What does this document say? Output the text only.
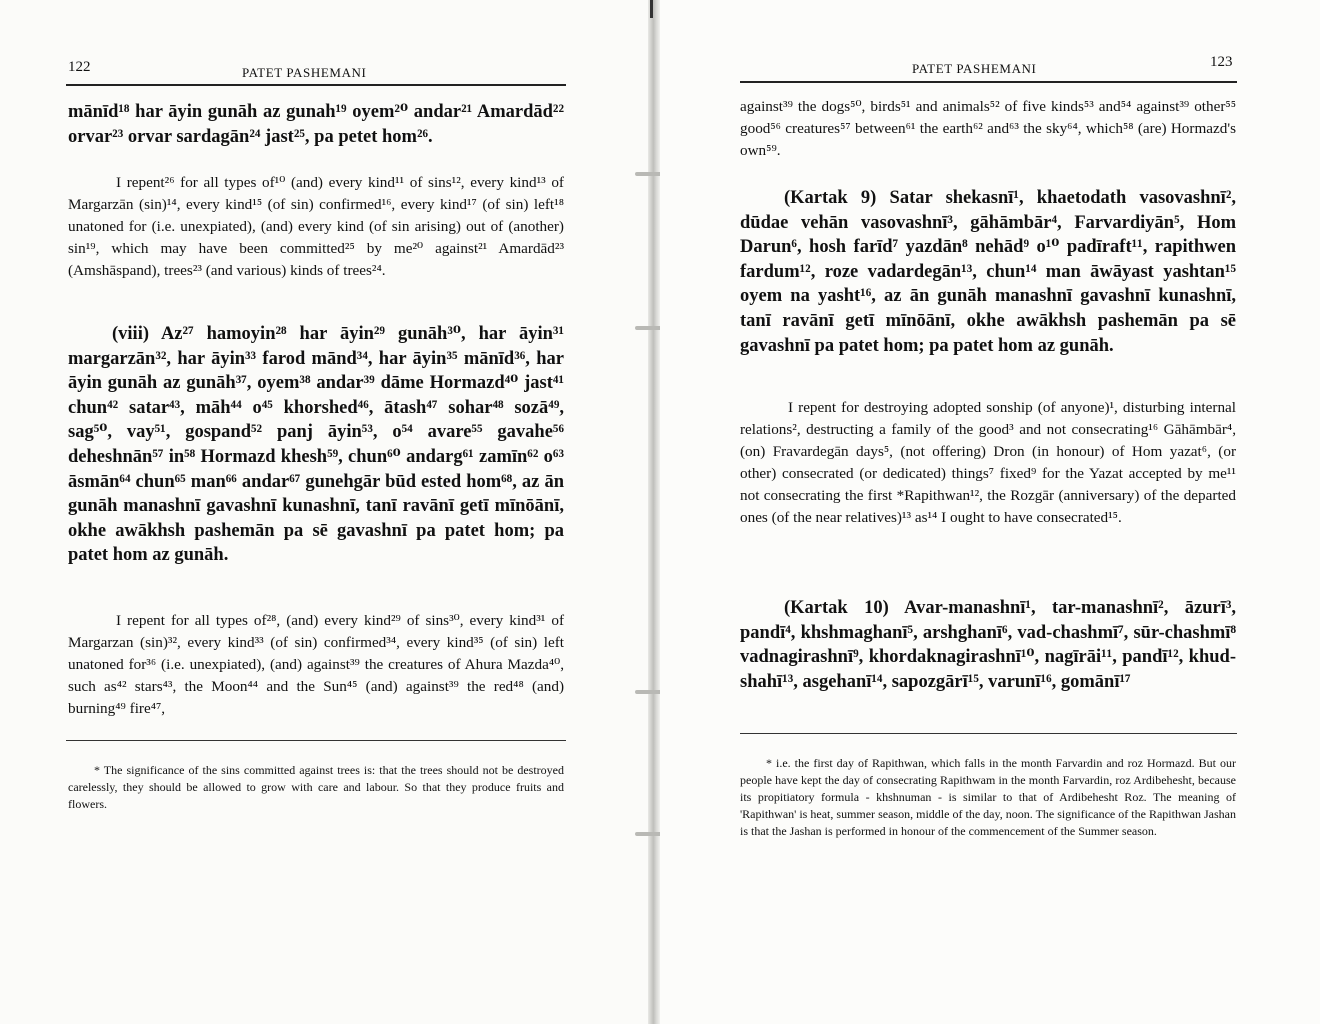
122	PATET PASHEMANI

mānīd¹⁸ har āyin gunāh az gunah¹⁹ oyem²⁰ andar²¹ Amardād²² orvar²³ orvar sardagān²⁴ jast²⁵, pa petet hom²⁶.

I repent²⁶ for all types of¹⁰ (and) every kind¹¹ of sins¹², every kind¹³ of Margarzān (sin)¹⁴, every kind¹⁵ (of sin) confirmed¹⁶, every kind¹⁷ (of sin) left¹⁸ unatoned for (i.e. unexpiated), (and) every kind (of sin arising) out of (another) sin¹⁹, which may have been committed²⁵ by me²⁰ against²¹ Amardād²³ (Amshāspand), trees²³ (and various) kinds of trees²⁴.

(viii) Az²⁷ hamoyin²⁸ har āyin²⁹ gunāh³⁰, har āyin³¹ margarzān³², har āyin³³ farod mānd³⁴, har āyin³⁵ mānīd³⁶, har āyin gunāh az gunāh³⁷, oyem³⁸ andar³⁹ dāme Hormazd⁴⁰ jast⁴¹ chun⁴² satar⁴³, māh⁴⁴ o⁴⁵ khorshed⁴⁶, ātash⁴⁷ sohar⁴⁸ sozā⁴⁹, sag⁵⁰, vay⁵¹, gospand⁵² panj āyin⁵³, o⁵⁴ avare⁵⁵ gavahe⁵⁶ deheshnān⁵⁷ in⁵⁸ Hormazd khesh⁵⁹, chun⁶⁰ andarg⁶¹ zamīn⁶² o⁶³ āsmān⁶⁴ chun⁶⁵ man⁶⁶ andar⁶⁷ gunehgār būd ested hom⁶⁸, az ān gunāh manashnī gavashnī kunashnī, tanī ravānī getī mīnōānī, okhe awākhsh pashemān pa sē gavashnī pa patet hom; pa patet hom az gunāh.

I repent for all types of²⁸, (and) every kind²⁹ of sins³⁰, every kind³¹ of Margarzan (sin)³², every kind³³ (of sin) confirmed³⁴, every kind³⁵ (of sin) left unatoned for³⁶ (i.e. unexpiated), (and) against³⁹ the creatures of Ahura Mazda⁴⁰, such as⁴² stars⁴³, the Moon⁴⁴ and the Sun⁴⁵ (and) against³⁹ the red⁴⁸ (and) burning⁴⁹ fire⁴⁷,

* The significance of the sins committed against trees is: that the trees should not be destroyed carelessly, they should be allowed to grow with care and labour. So that they produce fruits and flowers.

PATET PASHEMANI	123

against³⁹ the dogs⁵⁰, birds⁵¹ and animals⁵² of five kinds⁵³ and⁵⁴ against³⁹ other⁵⁵ good⁵⁶ creatures⁵⁷ between⁶¹ the earth⁶² and⁶³ the sky⁶⁴, which⁵⁸ (are) Hormazd's own⁵⁹.

(Kartak 9) Satar shekasnī¹, khaetodath vasovashnī², dūdae vehān vasovashnī³, gāhāmbār⁴, Farvardiyān⁵, Hom Darun⁶, hosh farīd⁷ yazdān⁸ nehād⁹ o¹⁰ padīraft¹¹, rapithwen fardum¹², roze vadardegān¹³, chun¹⁴ man āwāyast yashtan¹⁵ oyem na yasht¹⁶, az ān gunāh manashnī gavashnī kunashnī, tanī ravānī getī mīnōānī, okhe awākhsh pashemān pa sē gavashnī pa patet hom; pa patet hom az gunāh.

I repent for destroying adopted sonship (of anyone)¹, disturbing internal relations², destructing a family of the good³ and not consecrating¹⁶ Gāhāmbār⁴, (on) Fravardegān days⁵, (not offering) Dron (in honour) of Hom yazat⁶, (or other) consecrated (or dedicated) things⁷ fixed⁹ for the Yazat accepted by me¹¹ not consecrating the first *Rapithwan¹², the Rozgār (anniversary) of the departed ones (of the near relatives)¹³ as¹⁴ I ought to have consecrated¹⁵.

(Kartak 10) Avar-manashnī¹, tar-manashnī², āzurī³, pandī⁴, khshmaghanī⁵, arshghanī⁶, vad-chashmī⁷, sūr-chashmī⁸ vadnagirashnī⁹, khordaknagirashnī¹⁰, nagīrāi¹¹, pandī¹², khud-shahī¹³, asgehanī¹⁴, sapozgārī¹⁵, varunī¹⁶, gomānī¹⁷

* i.e. the first day of Rapithwan, which falls in the month Farvardin and roz Hormazd. But our people have kept the day of consecrating Rapithwam in the month Farvardin, roz Ardibehesht, because its propitiatory formula - khshnuman - is similar to that of Ardibehesht Roz. The meaning of 'Rapithwan' is heat, summer season, middle of the day, noon. The significance of the Rapithwan Jashan is that the Jashan is performed in honour of the commencement of the Summer season.
